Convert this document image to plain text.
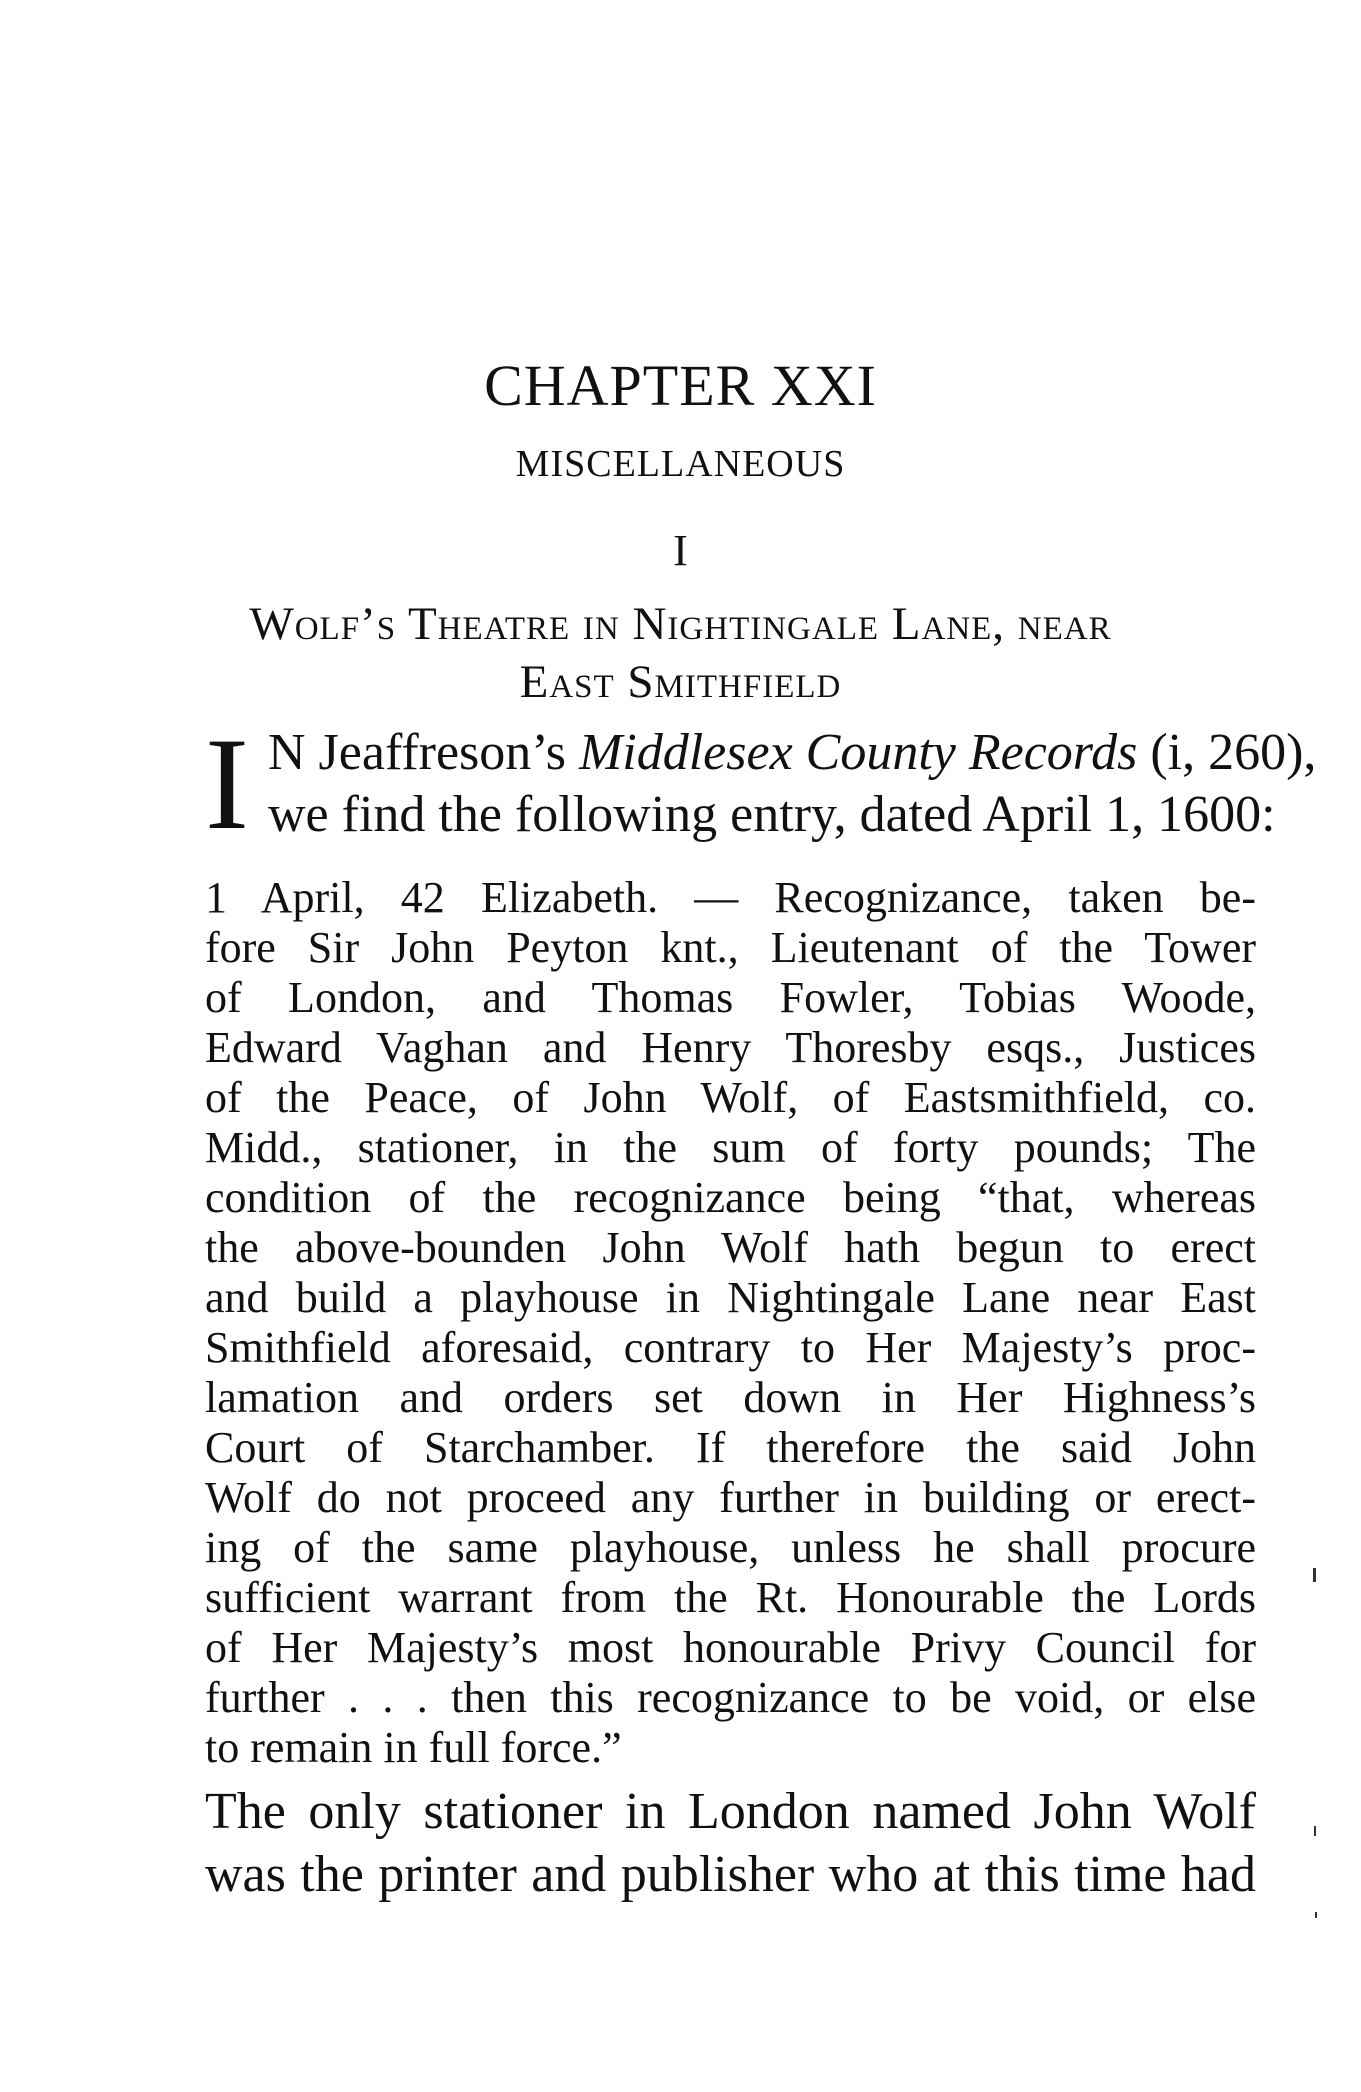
CHAPTER XXI
MISCELLANEOUS
I
Wolf’s Theatre in Nightingale Lane, near
East Smithfield
I N Jeaffreson’s Middlesex County Records (i, 260),
we find the following entry, dated April 1, 1600:
1 April, 42 Elizabeth. — Recognizance, taken be-
fore Sir John Peyton knt., Lieutenant of the Tower
of London, and Thomas Fowler, Tobias Woode,
Edward Vaghan and Henry Thoresby esqs., Justices
of the Peace, of John Wolf, of Eastsmithfield, co.
Midd., stationer, in the sum of forty pounds; The
condition of the recognizance being “that, whereas
the above-bounden John Wolf hath begun to erect
and build a playhouse in Nightingale Lane near East
Smithfield aforesaid, contrary to Her Majesty’s proc-
lamation and orders set down in Her Highness’s
Court of Starchamber. If therefore the said John
Wolf do not proceed any further in building or erect-
ing of the same playhouse, unless he shall procure
sufficient warrant from the Rt. Honourable the Lords
of Her Majesty’s most honourable Privy Council for
further . . . then this recognizance to be void, or else
to remain in full force.”
The only stationer in London named John Wolf
was the printer and publisher who at this time had
